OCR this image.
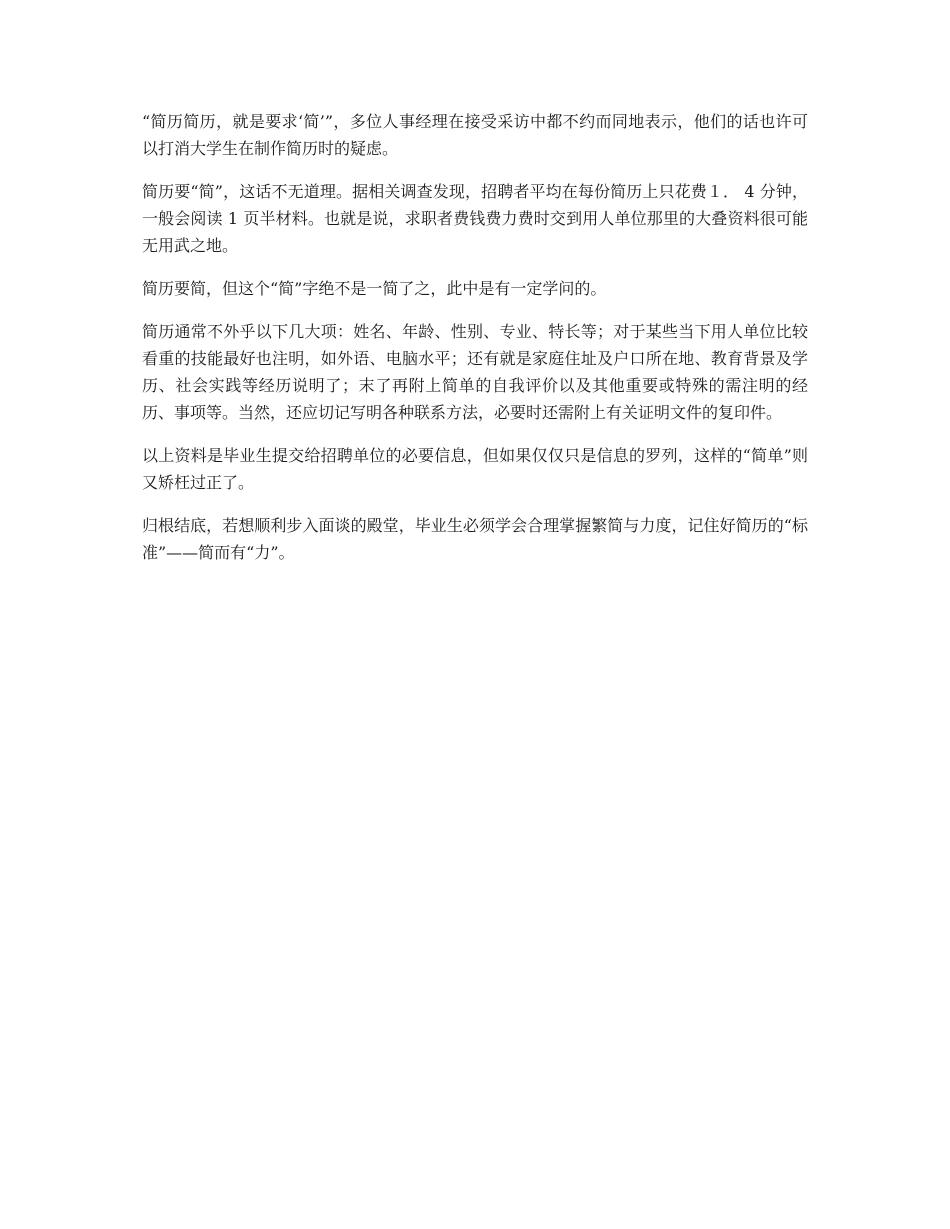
“简历简历，就是要求‘简’”，多位人事经理在接受采访中都不约而同地表示，他们的话也许可以打消大学生在制作简历时的疑虑。

简历要“简”，这话不无道理。据相关调查发现，招聘者平均在每份简历上只花费１． 4 分钟，一般会阅读 1 页半材料。也就是说，求职者费钱费力费时交到用人单位那里的大叠资料很可能无用武之地。

简历要简，但这个“简”字绝不是一简了之，此中是有一定学问的。

简历通常不外乎以下几大项：姓名、年龄、性别、专业、特长等；对于某些当下用人单位比较看重的技能最好也注明，如外语、电脑水平；还有就是家庭住址及户口所在地、教育背景及学历、社会实践等经历说明了；末了再附上简单的自我评价以及其他重要或特殊的需注明的经历、事项等。当然，还应切记写明各种联系方法，必要时还需附上有关证明文件的复印件。

以上资料是毕业生提交给招聘单位的必要信息，但如果仅仅只是信息的罗列，这样的“简单”则又矫枉过正了。

归根结底，若想顺利步入面谈的殿堂，毕业生必须学会合理掌握繁简与力度，记住好简历的“标准”——简而有“力”。
